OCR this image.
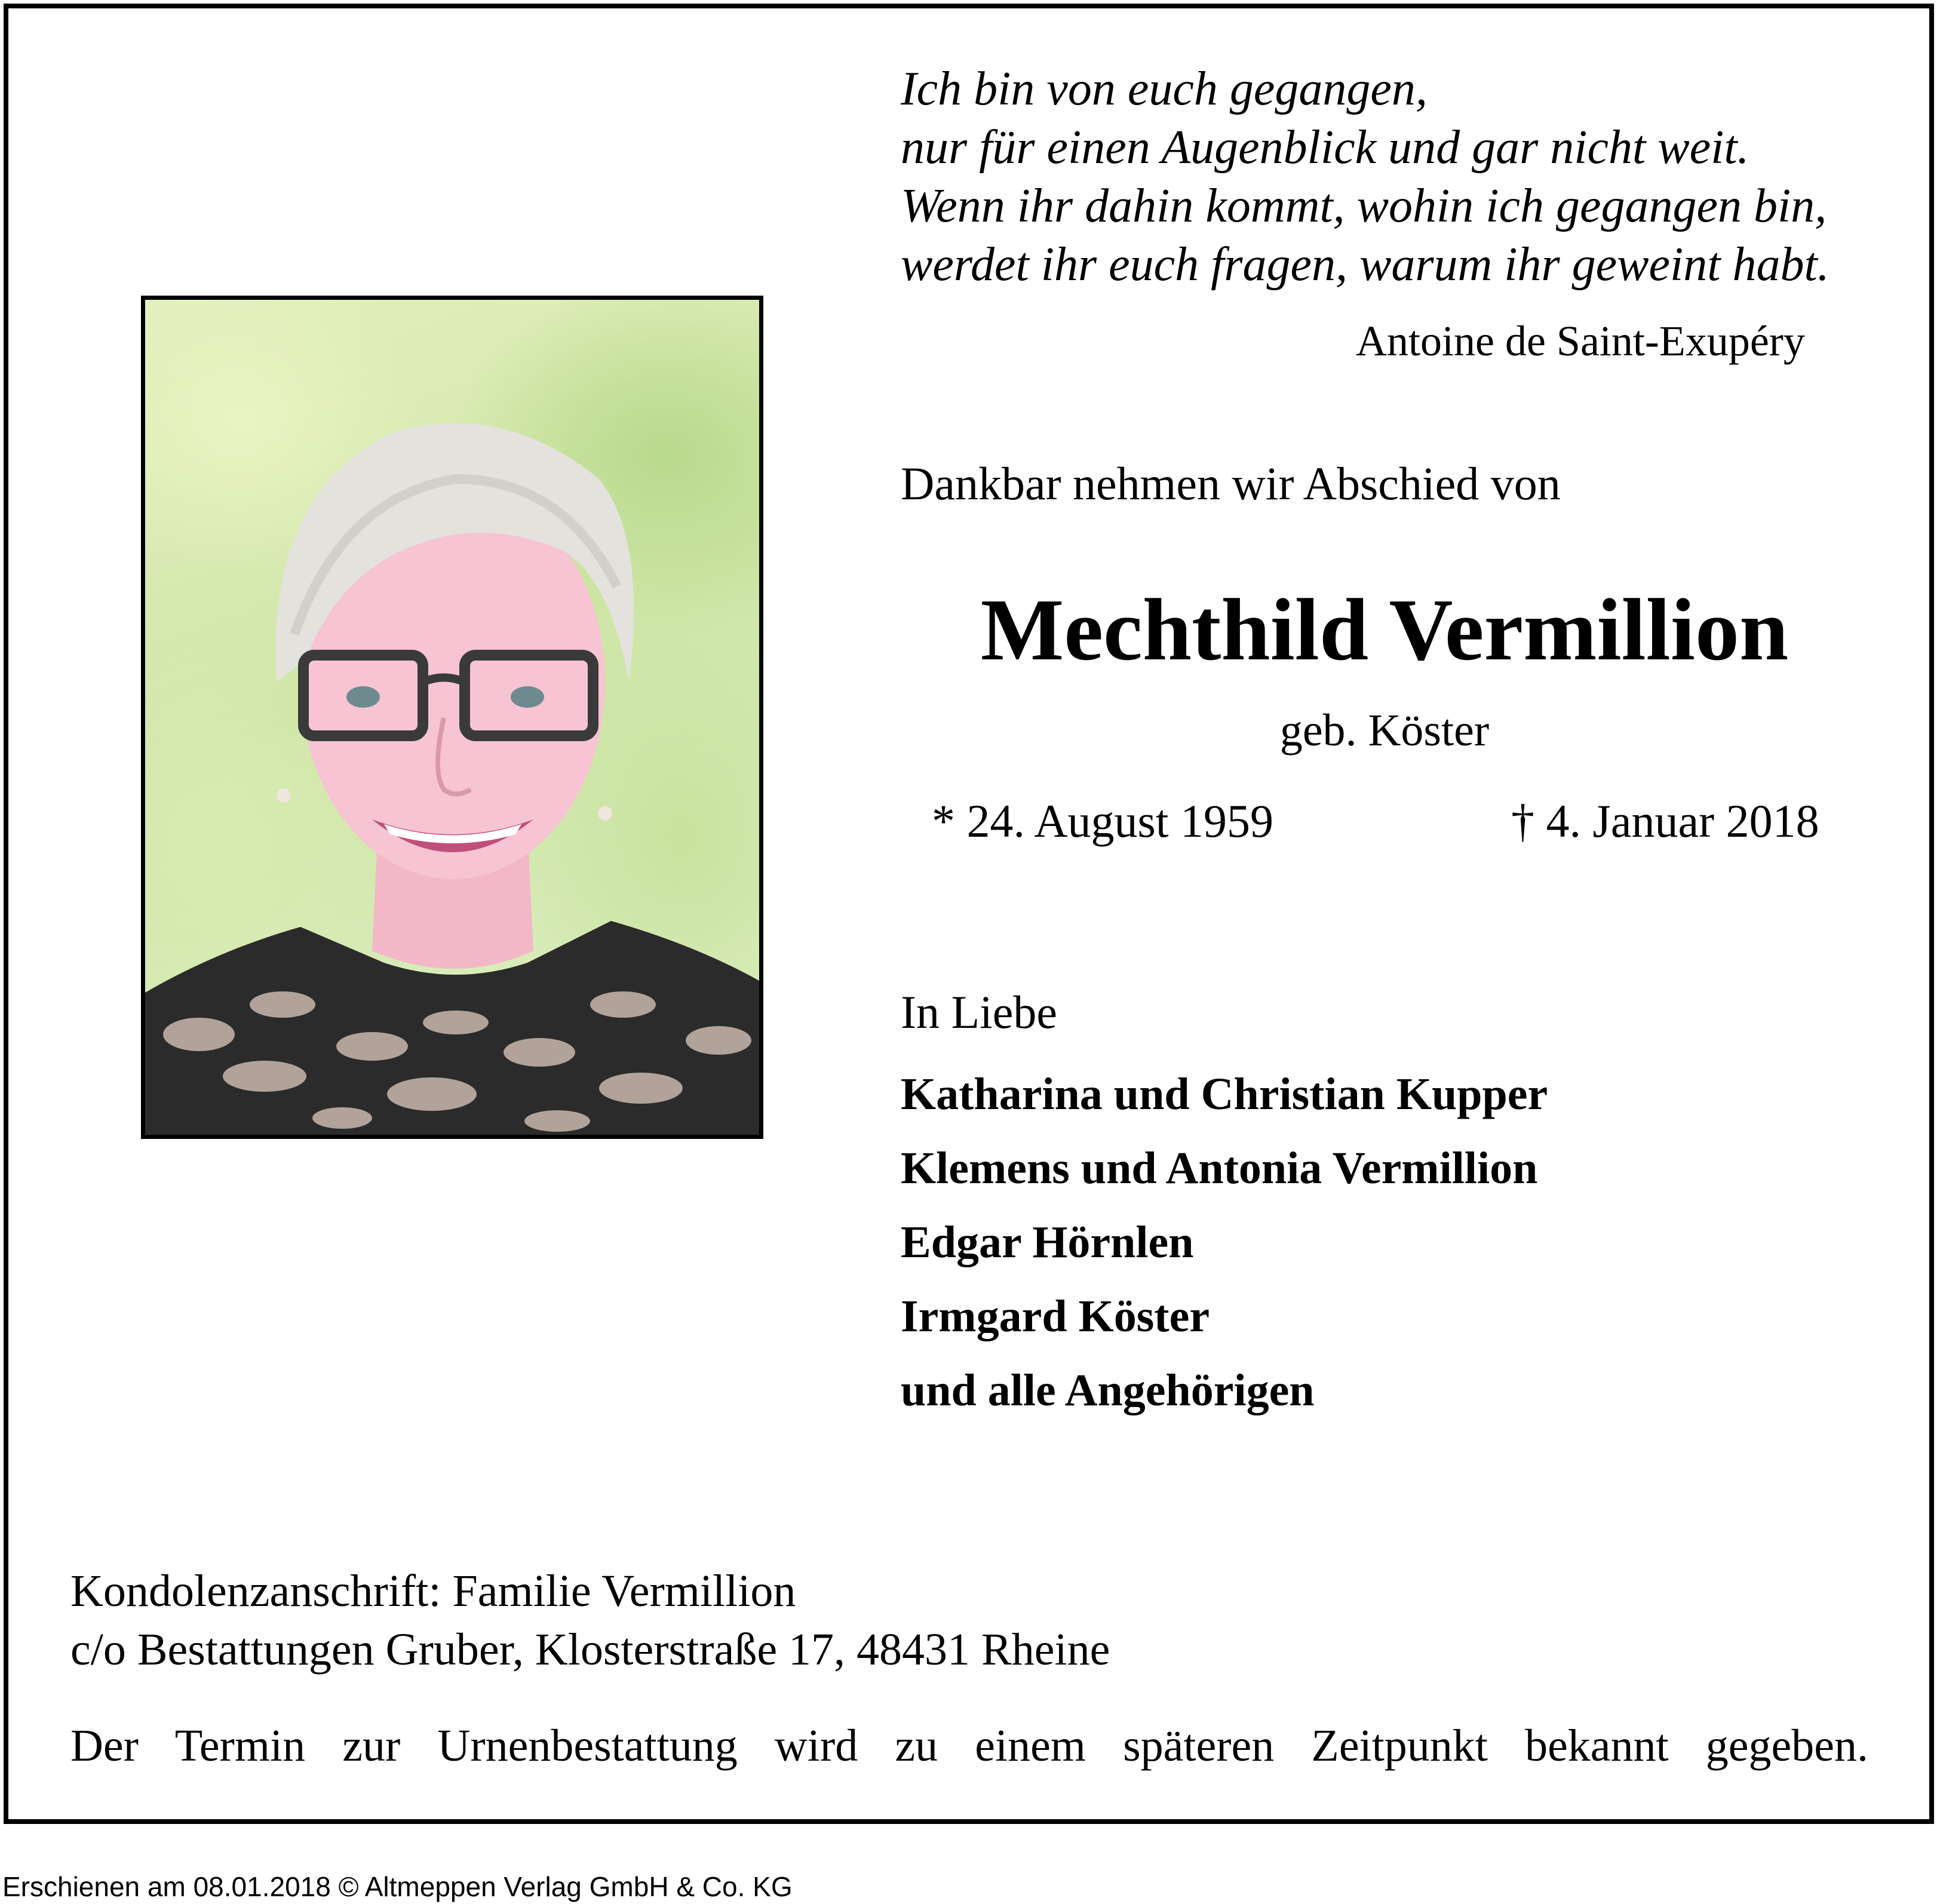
Ich bin von euch gegangen,
nur für einen Augenblick und gar nicht weit.
Wenn ihr dahin kommt, wohin ich gegangen bin,
werdet ihr euch fragen, warum ihr geweint habt.
Antoine de Saint-Exupéry
Dankbar nehmen wir Abschied von
Mechthild Vermillion
geb. Köster
* 24. August 1959	† 4. Januar 2018
In Liebe
Katharina und Christian Kupper
Klemens und Antonia Vermillion
Edgar Hörnlen
Irmgard Köster
und alle Angehörigen
Kondolenzanschrift: Familie Vermillion
c/o Bestattungen Gruber, Klosterstraße 17, 48431 Rheine
Der Termin zur Urnenbestattung wird zu einem späteren Zeitpunkt bekannt gegeben.
Erschienen am 08.01.2018 © Altmeppen Verlag GmbH & Co. KG
